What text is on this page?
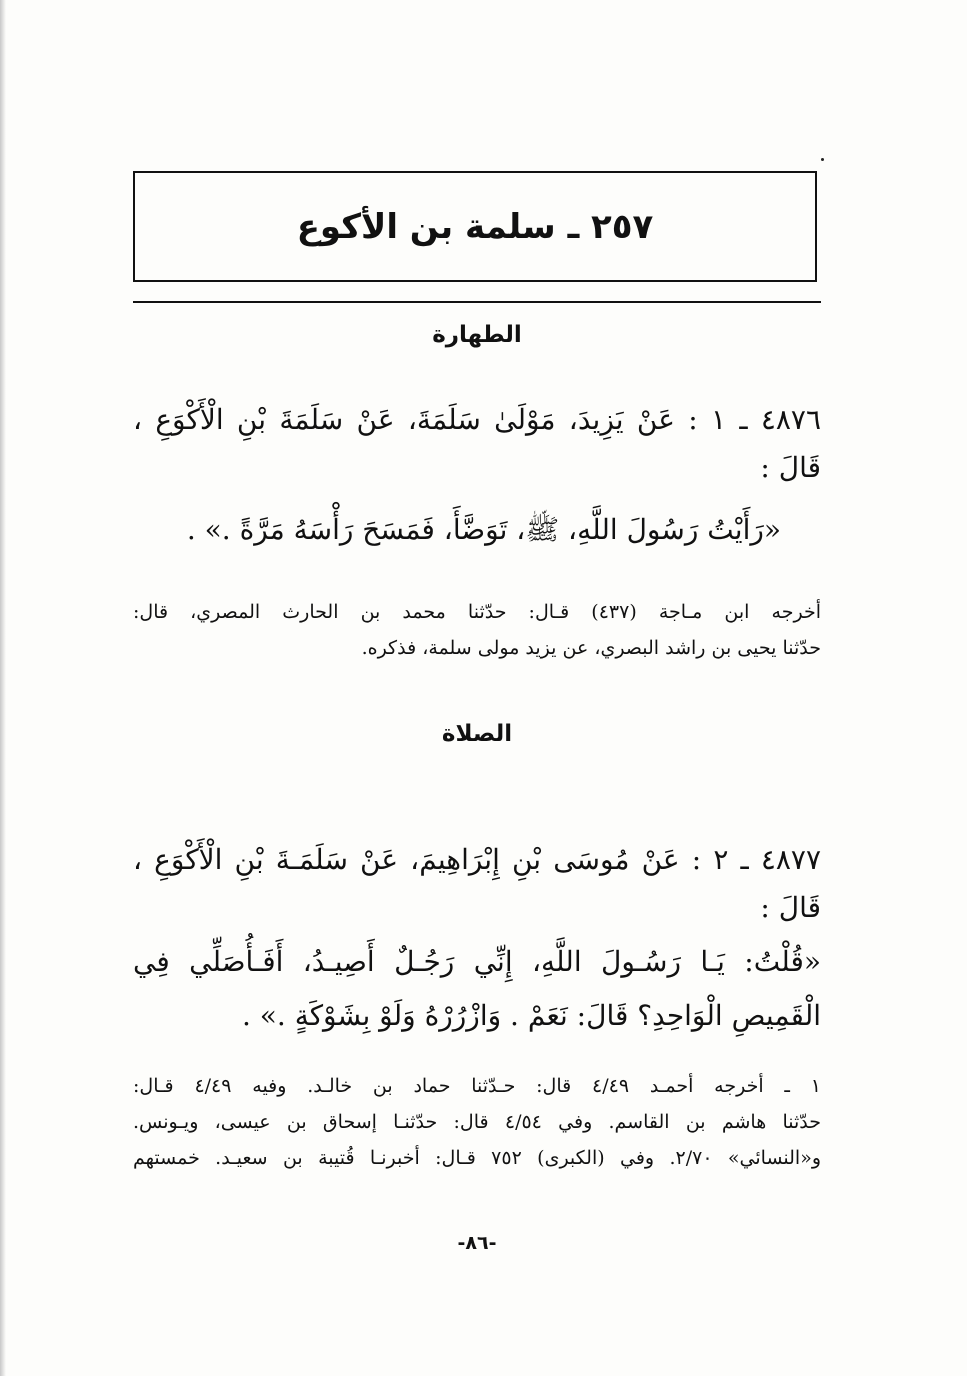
٢٥٧ ـ سلمة بن الأكوع
الطهارة
٤٨٧٦ ـ ١ : عَنْ يَزِيدَ، مَوْلَىٰ سَلَمَةَ، عَنْ سَلَمَةَ بْنِ الْأَكْوَعِ ،
قَالَ :
«رَأَيْتُ رَسُولَ اللَّهِ، ﷺ، تَوَضَّأَ، فَمَسَحَ رَأْسَهُ مَرَّةً .» .
أخرجه ابن مـاجة (٤٣٧) قـال: حدّثنا محمد بن الحارث المصري، قال:
حدّثنا يحيى بن راشد البصري، عن يزيد مولى سلمة، فذكره.
الصلاة
٤٨٧٧ ـ ٢ : عَنْ مُوسَى بْنِ إِبْرَاهِيمَ، عَنْ سَلَمَـةَ بْنِ الْأَكْوَعِ ،
قَالَ :
«قُلْتُ: يَـا رَسُـولَ اللَّهِ، إِنِّي رَجُـلٌ أَصِيـدُ، أَفَـأُصَلِّي فِي
الْقَمِيصِ الْوَاحِدِ؟ قَالَ: نَعَمْ . وَازْرُرْهُ وَلَوْ بِشَوْكَةٍ .» .
١ ـ أخرجه أحمـد ٤/٤٩ قال: حـدّثنا حماد بن خالـد. وفيه ٤/٤٩ قـال:
حدّثنا هاشم بن القاسم. وفي ٤/٥٤ قال: حدّثنـا إسحاق بن عيسى، ويـونس.
و«النسائي» ٢/٧٠. وفي (الكبرى) ٧٥٢ قـال: أخبرنـا قُتيبة بن سعيـد. خمستهم
-٨٦-
